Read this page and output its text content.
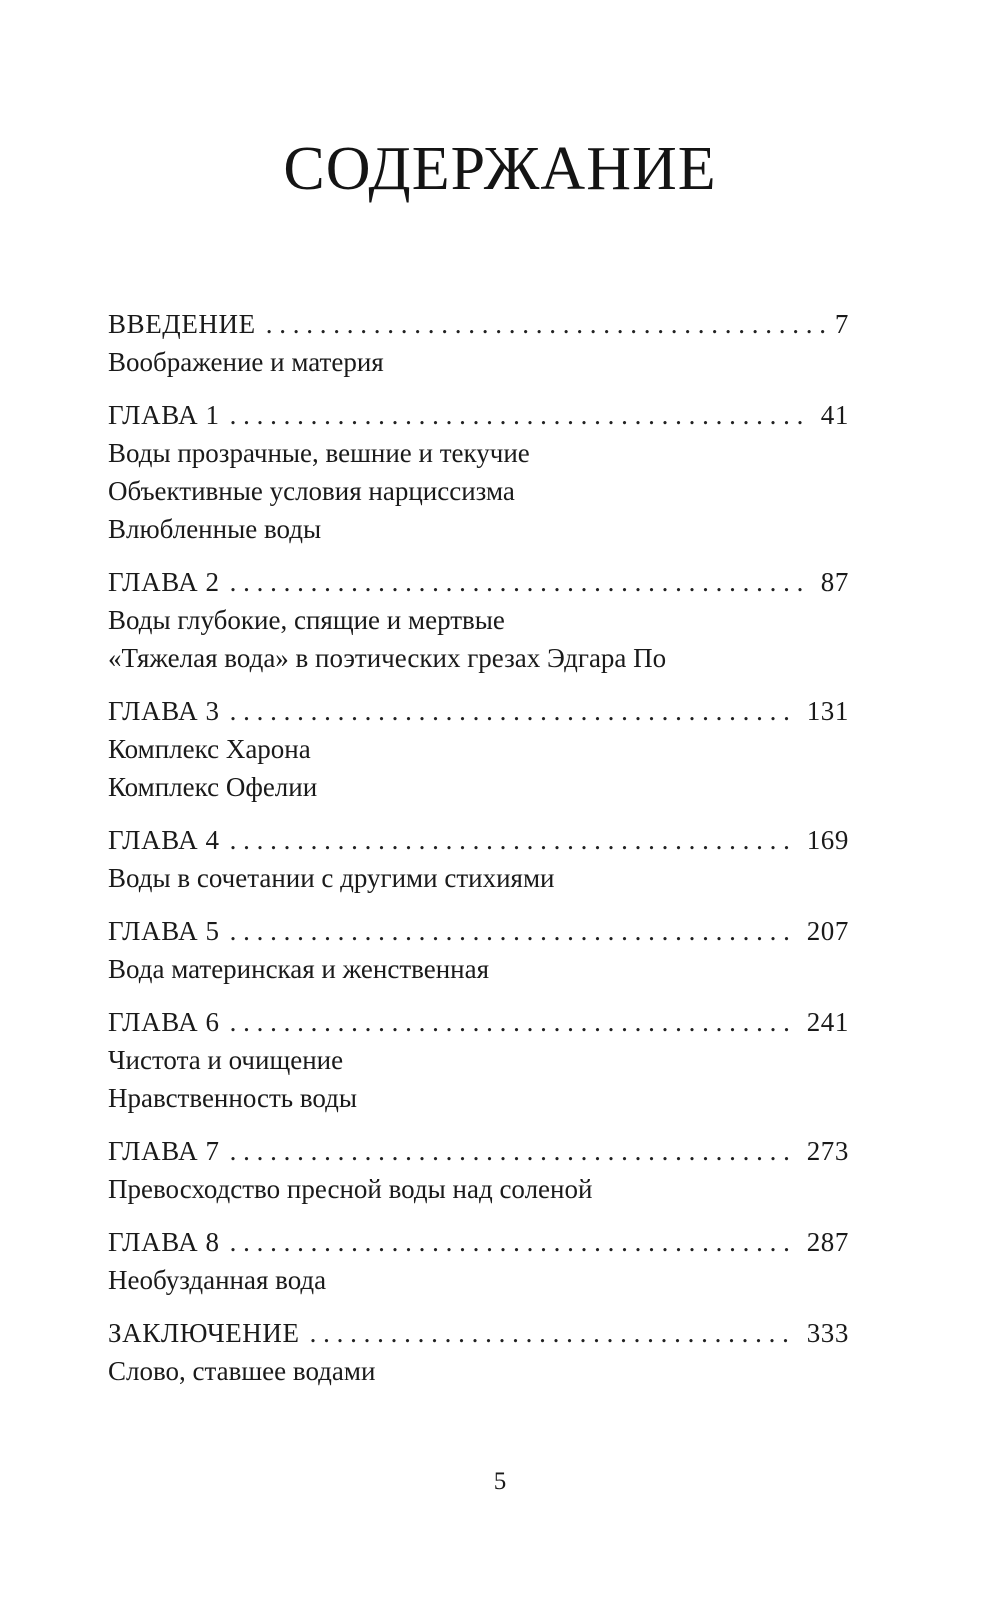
СОДЕРЖАНИЕ
ВВЕДЕНИЕ . . .	7
Воображение и материя
ГЛАВА 1 . . .	41
Воды прозрачные, вешние и текучие
Объективные условия нарциссизма
Влюбленные воды
ГЛАВА 2 . . .	87
Воды глубокие, спящие и мертвые
«Тяжелая вода» в поэтических грезах Эдгара По
ГЛАВА 3 . . .	131
Комплекс Харона
Комплекс Офелии
ГЛАВА 4 . . .	169
Воды в сочетании с другими стихиями
ГЛАВА 5 . . .	207
Вода материнская и женственная
ГЛАВА 6 . . .	241
Чистота и очищение
Нравственность воды
ГЛАВА 7 . . .	273
Превосходство пресной воды над соленой
ГЛАВА 8 . . .	287
Необузданная вода
ЗАКЛЮЧЕНИЕ . . .	333
Слово, ставшее водами
5
